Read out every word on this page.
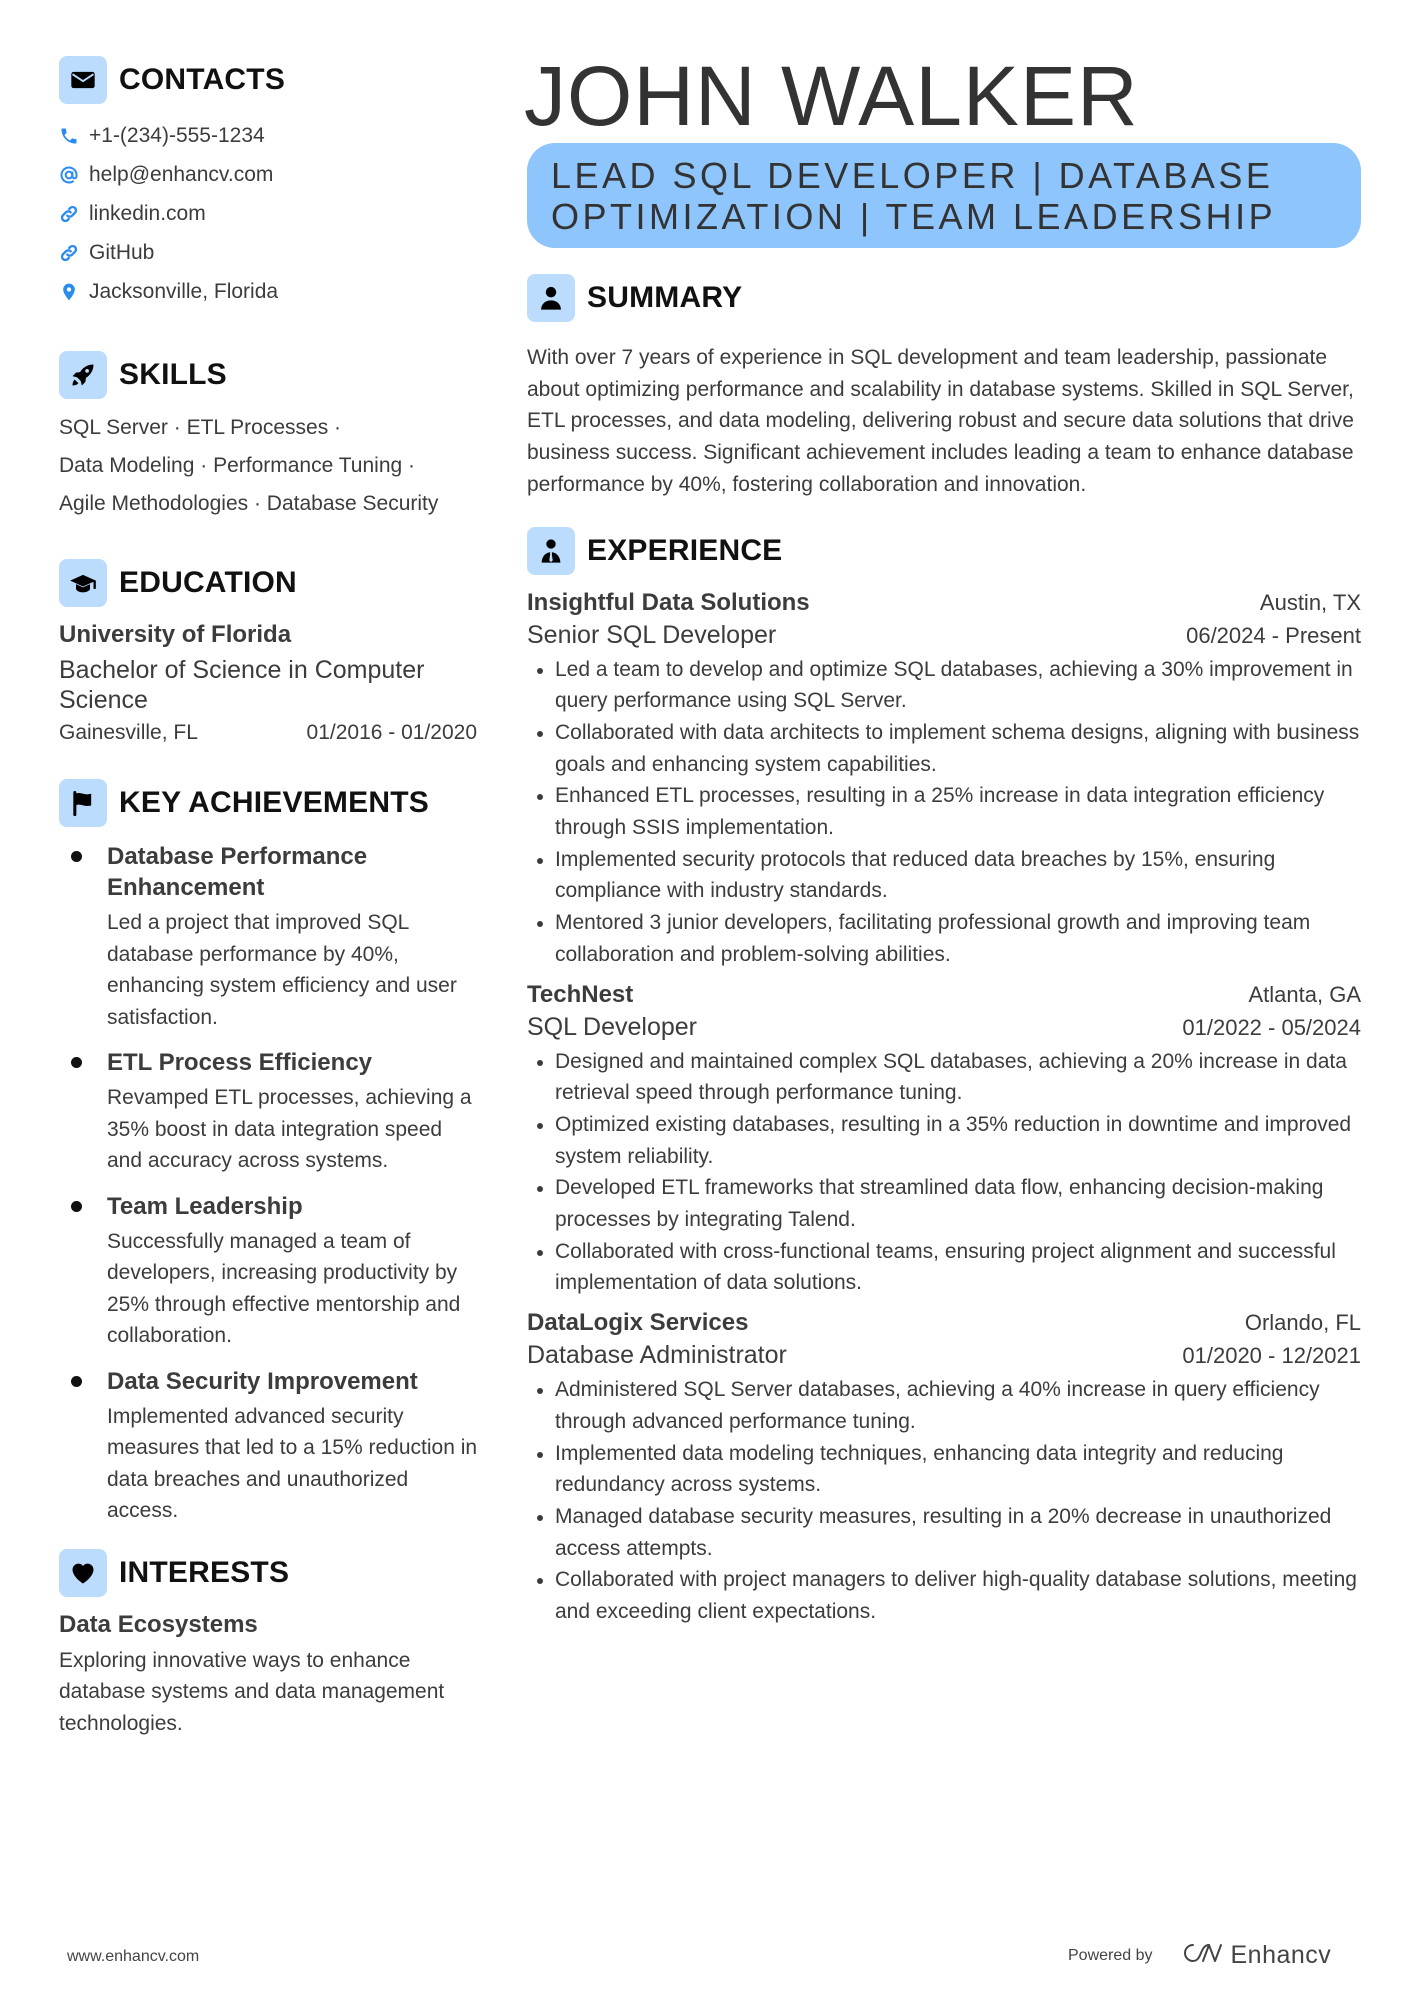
CONTACTS
+1-(234)-555-1234
help@enhancv.com
linkedin.com
GitHub
Jacksonville, Florida
SKILLS
SQL Server · ETL Processes ·
Data Modeling · Performance Tuning ·
Agile Methodologies · Database Security
EDUCATION
University of Florida
Bachelor of Science in Computer Science
Gainesville, FL	01/2016 - 01/2020
KEY ACHIEVEMENTS
Database Performance Enhancement
Led a project that improved SQL database performance by 40%, enhancing system efficiency and user satisfaction.
ETL Process Efficiency
Revamped ETL processes, achieving a 35% boost in data integration speed and accuracy across systems.
Team Leadership
Successfully managed a team of developers, increasing productivity by 25% through effective mentorship and collaboration.
Data Security Improvement
Implemented advanced security measures that led to a 15% reduction in data breaches and unauthorized access.
INTERESTS
Data Ecosystems
Exploring innovative ways to enhance database systems and data management technologies.
JOHN WALKER
LEAD SQL DEVELOPER | DATABASE
OPTIMIZATION | TEAM LEADERSHIP
SUMMARY

With over 7 years of experience in SQL development and team leadership, passionate about optimizing performance and scalability in database systems. Skilled in SQL Server, ETL processes, and data modeling, delivering robust and secure data solutions that drive business success. Significant achievement includes leading a team to enhance database performance by 40%, fostering collaboration and innovation.

EXPERIENCE
Insightful Data Solutions	Austin, TX
Senior SQL Developer	06/2024 - Present
Led a team to develop and optimize SQL databases, achieving a 30% improvement in query performance using SQL Server.
Collaborated with data architects to implement schema designs, aligning with business goals and enhancing system capabilities.
Enhanced ETL processes, resulting in a 25% increase in data integration efficiency through SSIS implementation.
Implemented security protocols that reduced data breaches by 15%, ensuring compliance with industry standards.
Mentored 3 junior developers, facilitating professional growth and improving team collaboration and problem-solving abilities.
TechNest	Atlanta, GA
SQL Developer	01/2022 - 05/2024
Designed and maintained complex SQL databases, achieving a 20% increase in data retrieval speed through performance tuning.
Optimized existing databases, resulting in a 35% reduction in downtime and improved system reliability.
Developed ETL frameworks that streamlined data flow, enhancing decision-making processes by integrating Talend.
Collaborated with cross-functional teams, ensuring project alignment and successful implementation of data solutions.
DataLogix Services	Orlando, FL
Database Administrator	01/2020 - 12/2021
Administered SQL Server databases, achieving a 40% increase in query efficiency through advanced performance tuning.
Implemented data modeling techniques, enhancing data integrity and reducing redundancy across systems.
Managed database security measures, resulting in a 20% decrease in unauthorized access attempts.
Collaborated with project managers to deliver high-quality database solutions, meeting and exceeding client expectations.
www.enhancv.com	Powered by	Enhancv
